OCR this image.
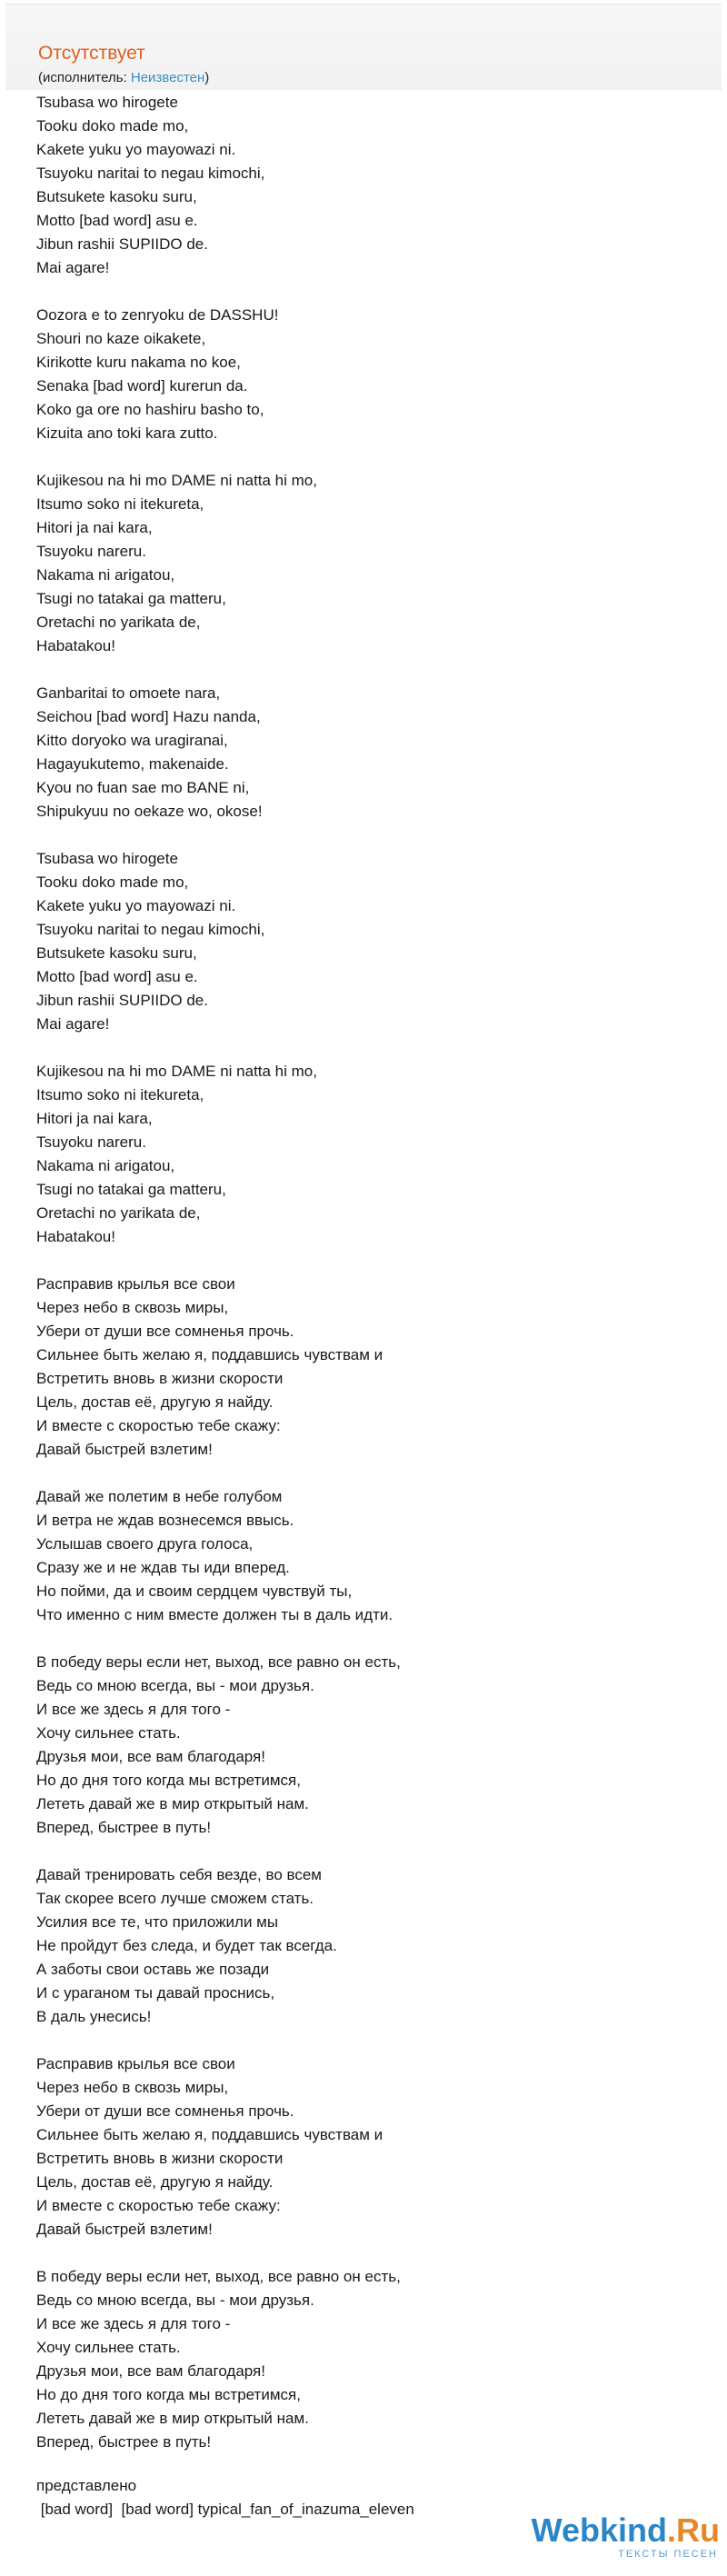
Отсутствует
(исполнитель: Неизвестен)
Tsubasa wo hirogete
Tooku doko made mo,
Kakete yuku yo mayowazi ni.
Tsuyoku naritai to negau kimochi,
Butsukete kasoku suru,
Motto [bad word] asu e.
Jibun rashii SUPIIDO de.
Mai agare!
Oozora e to zenryoku de DASSHU!
Shouri no kaze oikakete,
Kirikotte kuru nakama no koe,
Senaka [bad word] kurerun da.
Koko ga ore no hashiru basho to,
Kizuita ano toki kara zutto.
Kujikesou na hi mo DAME ni natta hi mo,
Itsumo soko ni itekureta,
Hitori ja nai kara,
Tsuyoku nareru.
Nakama ni arigatou,
Tsugi no tatakai ga matteru,
Oretachi no yarikata de,
Habatakou!
Ganbaritai to omoete nara,
Seichou [bad word] Hazu nanda,
Kitto doryoko wa uragiranai,
Hagayukutemo, makenaide.
Kyou no fuan sae mo BANE ni,
Shipukyuu no oekaze wo, okose!
Tsubasa wo hirogete
Tooku doko made mo,
Kakete yuku yo mayowazi ni.
Tsuyoku naritai to negau kimochi,
Butsukete kasoku suru,
Motto [bad word] asu e.
Jibun rashii SUPIIDO de.
Mai agare!
Kujikesou na hi mo DAME ni natta hi mo,
Itsumo soko ni itekureta,
Hitori ja nai kara,
Tsuyoku nareru.
Nakama ni arigatou,
Tsugi no tatakai ga matteru,
Oretachi no yarikata de,
Habatakou!
Расправив крылья все свои
Через небо в сквозь миры,
Убери от души все сомненья прочь.
Сильнее быть желаю я, поддавшись чувствам и
Встретить вновь в жизни скорости
Цель, достав её, другую я найду.
И вместе с скоростью тебе скажу:
Давай быстрей взлетим!
Давай же полетим в небе голубом
И ветра не ждав вознесемся ввысь.
Услышав своего друга голоса,
Сразу же и не ждав ты иди вперед.
Но пойми, да и своим сердцем чувствуй ты,
Что именно с ним вместе должен ты в даль идти.
В победу веры если нет, выход, все равно он есть,
Ведь со мною всегда, вы - мои друзья.
И все же здесь я для того -
Хочу сильнее стать.
Друзья мои, все вам благодаря!
Но до дня того когда мы встретимся,
Лететь давай же в мир открытый нам.
Вперед, быстрее в путь!
Давай тренировать себя везде, во всем
Так скорее всего лучше сможем стать.
Усилия все те, что приложили мы
Не пройдут без следа, и будет так всегда.
А заботы свои оставь же позади
И с ураганом ты давай проснись,
В даль унесись!
Расправив крылья все свои
Через небо в сквозь миры,
Убери от души все сомненья прочь.
Сильнее быть желаю я, поддавшись чувствам и
Встретить вновь в жизни скорости
Цель, достав её, другую я найду.
И вместе с скоростью тебе скажу:
Давай быстрей взлетим!
В победу веры если нет, выход, все равно он есть,
Ведь со мною всегда, вы - мои друзья.
И все же здесь я для того -
Хочу сильнее стать.
Друзья мои, все вам благодаря!
Но до дня того когда мы встретимся,
Лететь давай же в мир открытый нам.
Вперед, быстрее в путь!
представлено
[bad word]  [bad word] typical_fan_of_inazuma_eleven
Webkind.Ru
ТЕКСТЫ ПЕСЕН
